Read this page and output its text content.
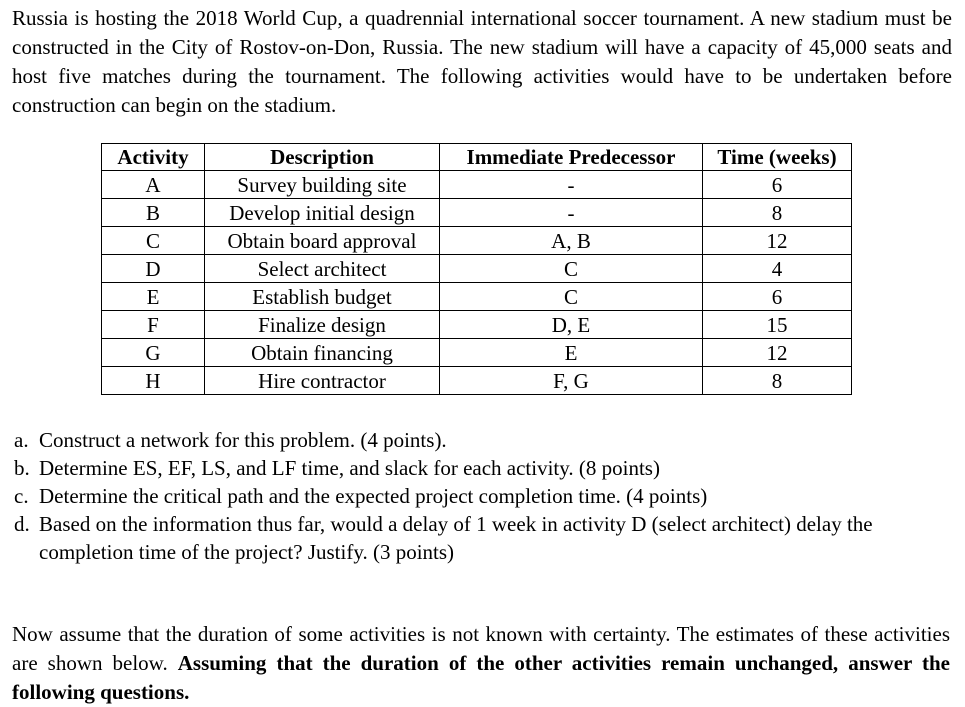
Russia is hosting the 2018 World Cup, a quadrennial international soccer tournament. A new stadium must be constructed in the City of Rostov-on-Don, Russia. The new stadium will have a capacity of 45,000 seats and host five matches during the tournament. The following activities would have to be undertaken before construction can begin on the stadium.
Activity	Description	Immediate Predecessor	Time (weeks)
A	Survey building site	-	6
B	Develop initial design	-	8
C	Obtain board approval	A, B	12
D	Select architect	C	4
E	Establish budget	C	6
F	Finalize design	D, E	15
G	Obtain financing	E	12
H	Hire contractor	F, G	8
a. Construct a network for this problem. (4 points).
b. Determine ES, EF, LS, and LF time, and slack for each activity. (8 points)
c. Determine the critical path and the expected project completion time. (4 points)
d. Based on the information thus far, would a delay of 1 week in activity D (select architect) delay the completion time of the project? Justify. (3 points)
Now assume that the duration of some activities is not known with certainty. The estimates of these activities are shown below. Assuming that the duration of the other activities remain unchanged, answer the following questions.
